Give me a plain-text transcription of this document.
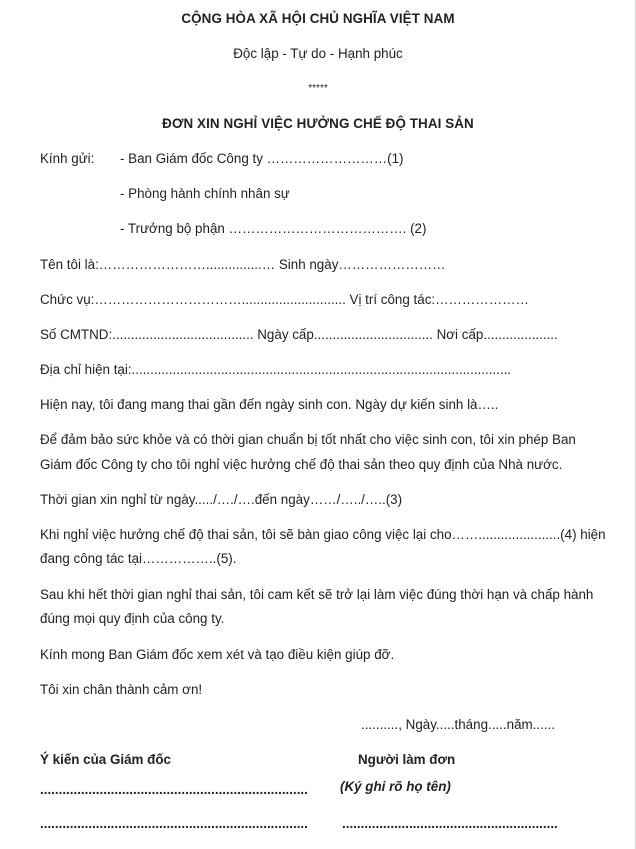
CỘNG HÒA XÃ HỘI CHỦ NGHĨA VIỆT NAM
Độc lập - Tự do - Hạnh phúc
*****
ĐƠN XIN NGHỈ VIỆC HƯỞNG CHẾ ĐỘ THAI SẢN
Kính gửi: - Ban Giám đốc Công ty ………………………(1)
- Phòng hành chính nhân sự
- Trưởng bộ phận …………………………………. (2)
Tên tôi là:……………………...............… Sinh ngày……………………
Chức vụ:……………………………............................ Vị trí công tác:…………………
Số CMTND:...................................... Ngày cấp................................ Nơi cấp....................
Địa chỉ hiện tại:......................................................................................................
Hiện nay, tôi đang mang thai gần đến ngày sinh con. Ngày dự kiến sinh là…..
Để đảm bảo sức khỏe và có thời gian chuẩn bị tốt nhất cho việc sinh con, tôi xin phép Ban
Giám đốc Công ty cho tôi nghỉ việc hưởng chế độ thai sản theo quy định của Nhà nước.
Thời gian xin nghỉ từ ngày...../…./….đến ngày……/…../…..(3)
Khi nghỉ việc hưởng chế độ thai sản, tôi sẽ bàn giao công việc lại cho……......................(4) hiện
đang công tác tại……………..(5).
Sau khi hết thời gian nghỉ thai sản, tôi cam kết sẽ trở lại làm việc đúng thời hạn và chấp hành
đúng mọi quy định của công ty.
Kính mong Ban Giám đốc xem xét và tạo điều kiện giúp đỡ.
Tôi xin chân thành cảm ơn!
.........., Ngày.....tháng.....năm......
Ý kiến của Giám đốc	Người làm đơn
(Ký ghi rõ họ tên)
........................................................................
........................................................................	..........................................................
